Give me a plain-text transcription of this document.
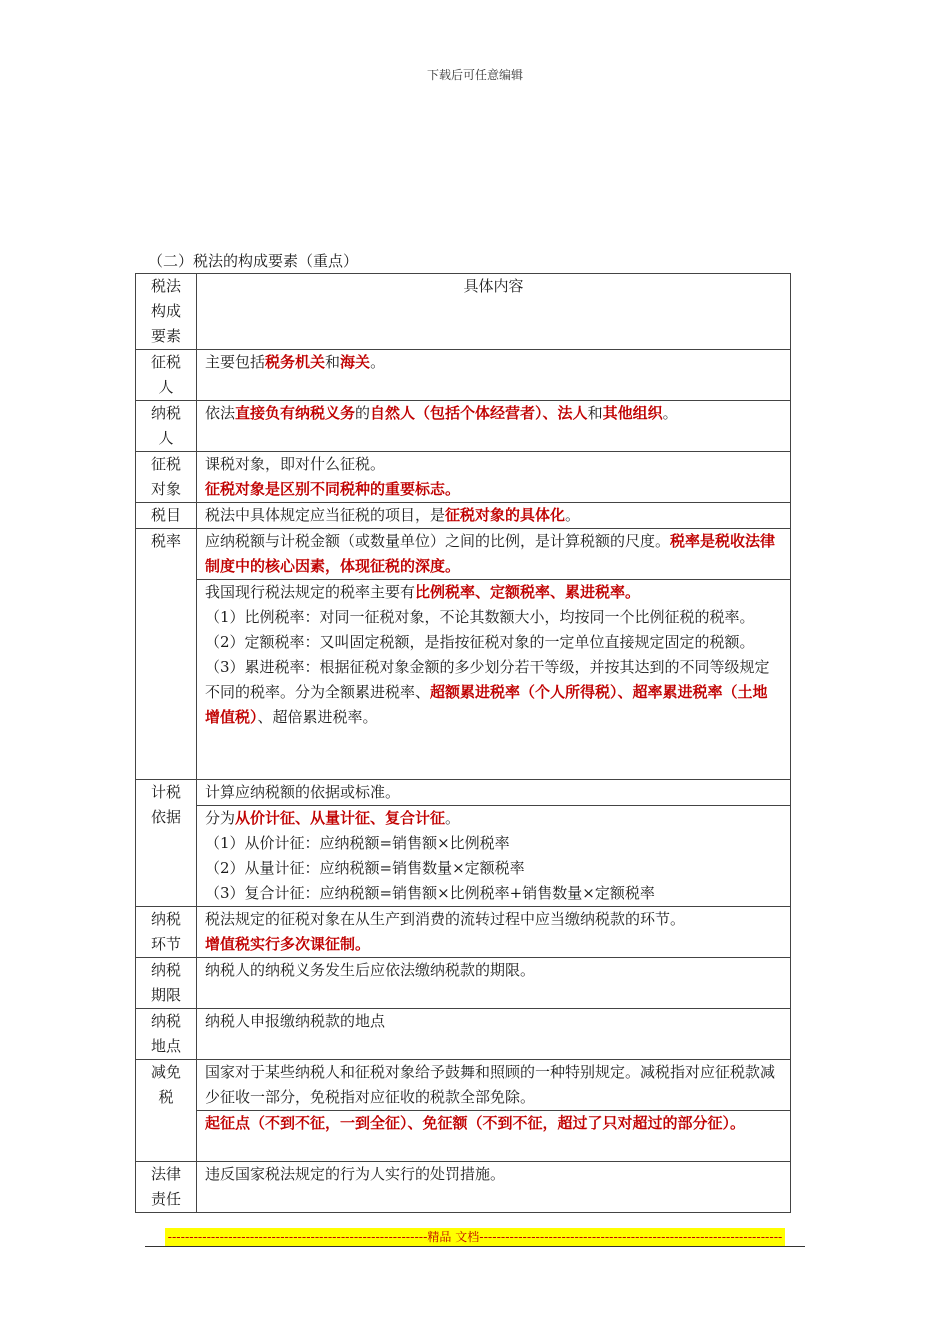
下载后可任意编辑
（二）税法的构成要素（重点）
税法构成要素	具体内容
征税人	主要包括税务机关和海关。
纳税人	依法直接负有纳税义务的自然人（包括个体经营者）、法人和其他组织。
征税对象	课税对象，即对什么征税。
征税对象是区别不同税种的重要标志。

税目	税法中具体规定应当征税的项目，是征税对象的具体化。
税率	应纳税额与计税金额（或数量单位）之间的比例，是计算税额的尺度。税率是税收法律制度中的核心因素，体现征税的深度。

	我国现行税法规定的税率主要有比例税率、定额税率、累进税率。
（1）比例税率：对同一征税对象，不论其数额大小，均按同一个比例征税的税率。
（2）定额税率：又叫固定税额，是指按征税对象的一定单位直接规定固定的税额。
（3）累进税率：根据征税对象金额的多少划分若干等级，并按其达到的不同等级规定不同的税率。分为全额累进税率、超额累进税率（个人所得税）、超率累进税率（土地增值税）、超倍累进税率。

计税依据	计算应纳税额的依据或标准。

	分为从价计征、从量计征、复合计征。
（1）从价计征：应纳税额=销售额×比例税率
（2）从量计征：应纳税额=销售数量×定额税率
（3）复合计征：应纳税额=销售额×比例税率+销售数量×定额税率

纳税环节	税法规定的征税对象在从生产到消费的流转过程中应当缴纳税款的环节。
增值税实行多次课征制。

纳税期限	纳税人的纳税义务发生后应依法缴纳税款的期限。
纳税地点	纳税人申报缴纳税款的地点
减免税	国家对于某些纳税人和征税对象给予鼓舞和照顾的一种特别规定。减税指对应征税款减少征收一部分，免税指对应征收的税款全部免除。
	起征点（不到不征，一到全征）、免征额（不到不征，超过了只对超过的部分征）。
法律责任	违反国家税法规定的行为人实行的处罚措施。
------------------------------------------------------------精品 文档----------------------------------------------------------------------
